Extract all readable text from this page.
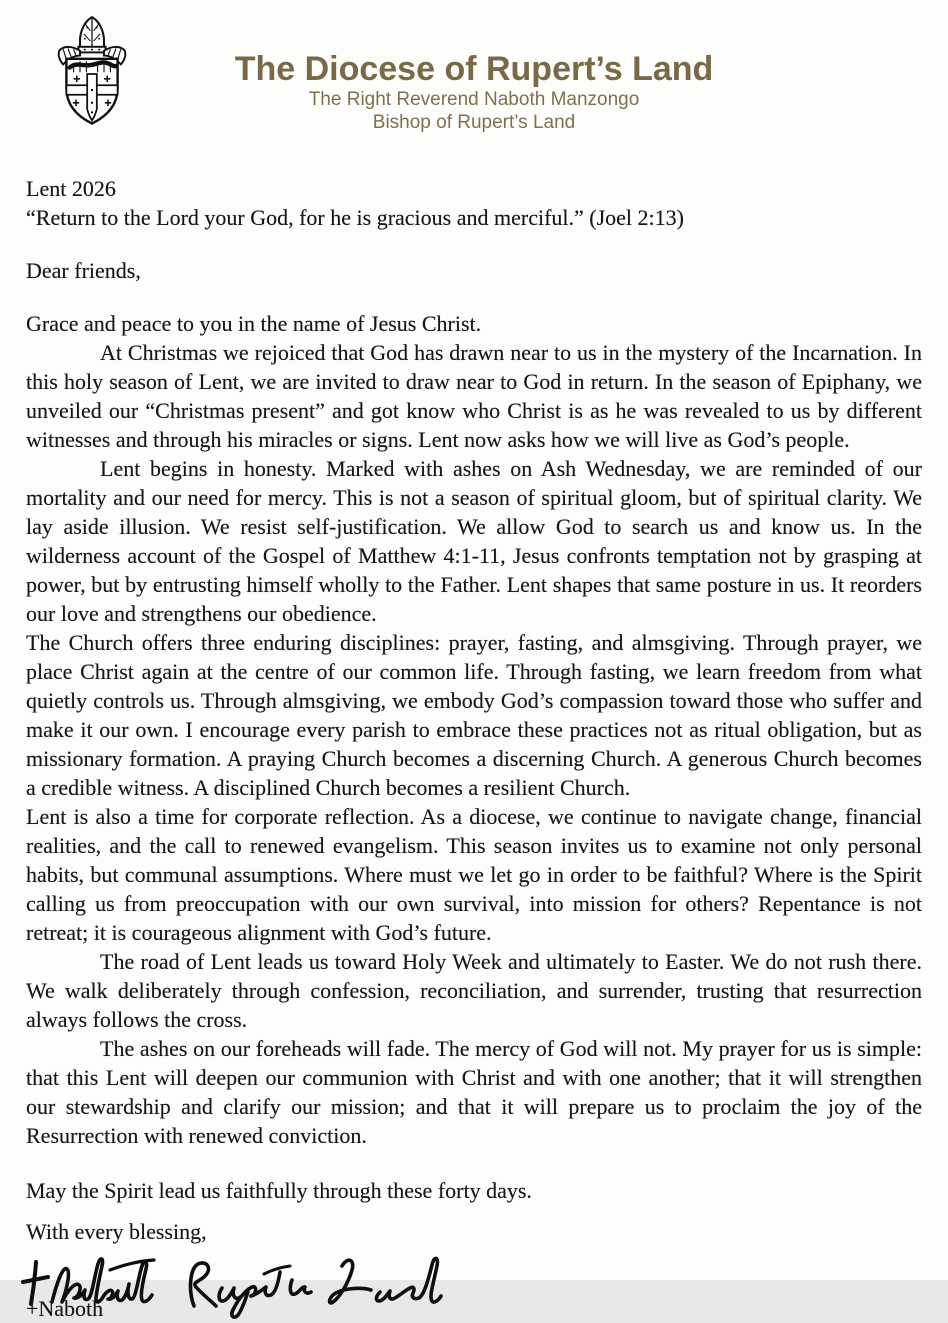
The Diocese of Rupert’s Land

The Right Reverend Naboth Manzongo

Bishop of Rupert’s Land

Lent 2026

“Return to the Lord your God, for he is gracious and merciful.” (Joel 2:13)

Dear friends,

Grace and peace to you in the name of Jesus Christ.

At Christmas we rejoiced that God has drawn near to us in the mystery of the Incarnation. In this holy season of Lent, we are invited to draw near to God in return. In the season of Epiphany, we unveiled our “Christmas present” and got know who Christ is as he was revealed to us by different witnesses and through his miracles or signs. Lent now asks how we will live as God’s people.

Lent begins in honesty. Marked with ashes on Ash Wednesday, we are reminded of our mortality and our need for mercy. This is not a season of spiritual gloom, but of spiritual clarity. We lay aside illusion. We resist self-justification. We allow God to search us and know us. In the wilderness account of the Gospel of Matthew 4:1-11, Jesus confronts temptation not by grasping at power, but by entrusting himself wholly to the Father. Lent shapes that same posture in us. It reorders our love and strengthens our obedience.

The Church offers three enduring disciplines: prayer, fasting, and almsgiving. Through prayer, we place Christ again at the centre of our common life. Through fasting, we learn freedom from what quietly controls us. Through almsgiving, we embody God’s compassion toward those who suffer and make it our own. I encourage every parish to embrace these practices not as ritual obligation, but as missionary formation. A praying Church becomes a discerning Church. A generous Church becomes a credible witness. A disciplined Church becomes a resilient Church.

Lent is also a time for corporate reflection. As a diocese, we continue to navigate change, financial realities, and the call to renewed evangelism. This season invites us to examine not only personal habits, but communal assumptions. Where must we let go in order to be faithful? Where is the Spirit calling us from preoccupation with our own survival, into mission for others? Repentance is not retreat; it is courageous alignment with God’s future.

The road of Lent leads us toward Holy Week and ultimately to Easter. We do not rush there. We walk deliberately through confession, reconciliation, and surrender, trusting that resurrection always follows the cross.

The ashes on our foreheads will fade. The mercy of God will not. My prayer for us is simple: that this Lent will deepen our communion with Christ and with one another; that it will strengthen our stewardship and clarify our mission; and that it will prepare us to proclaim the joy of the Resurrection with renewed conviction.

May the Spirit lead us faithfully through these forty days.

With every blessing,

+Naboth
